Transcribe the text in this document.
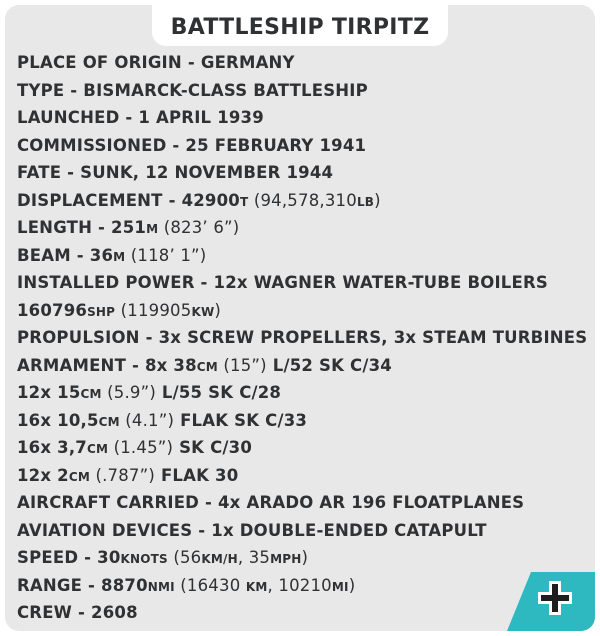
BATTLESHIP TIRPITZ
PLACE OF ORIGIN - GERMANY
TYPE - BISMARCK-CLASS BATTLESHIP
LAUNCHED - 1 APRIL 1939
COMMISSIONED - 25 FEBRUARY 1941
FATE - SUNK, 12 NOVEMBER 1944
DISPLACEMENT - 42900T (94,578,310LB)
LENGTH - 251M (823’ 6”)
BEAM - 36M (118’ 1”)
INSTALLED POWER - 12x WAGNER WATER-TUBE BOILERS
160796SHP (119905KW)
PROPULSION - 3x SCREW PROPELLERS, 3x STEAM TURBINES
ARMAMENT - 8x 38CM (15”) L/52 SK C/34
12x 15CM (5.9”) L/55 SK C/28
16x 10,5CM (4.1”) FLAK SK C/33
16x 3,7CM (1.45”) SK C/30
12x 2CM (.787”) FLAK 30
AIRCRAFT CARRIED - 4x ARADO AR 196 FLOATPLANES
AVIATION DEVICES - 1x DOUBLE-ENDED CATAPULT
SPEED - 30KNOTS (56KM/H, 35MPH)
RANGE - 8870NMI (16430 KM, 10210MI)
CREW - 2608
